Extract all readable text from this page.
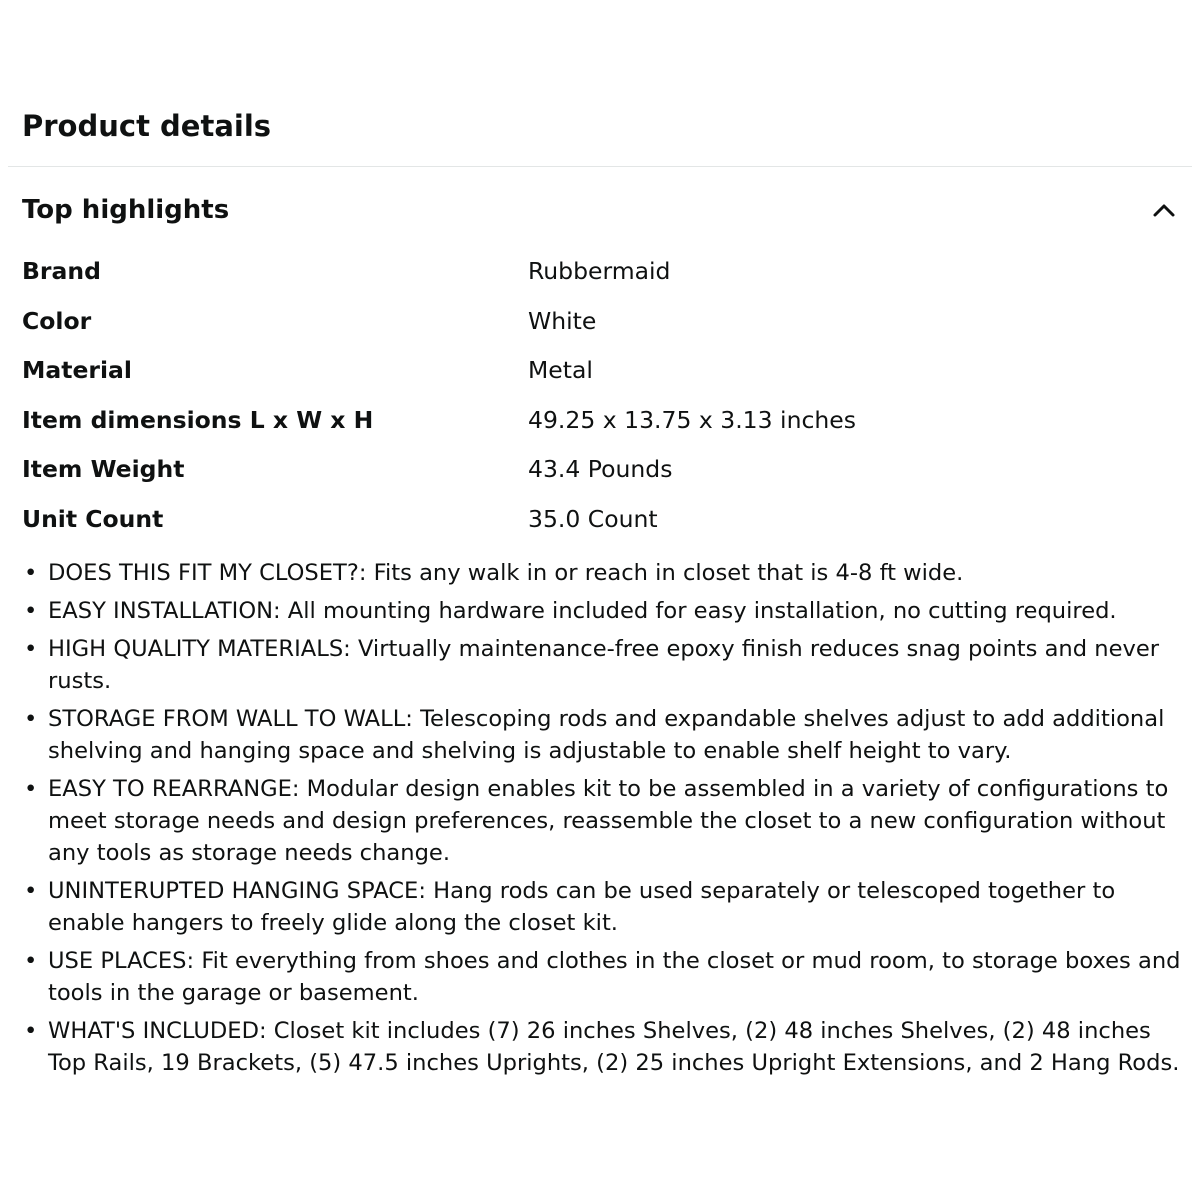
Product details
Top highlights
Brand	Rubbermaid
Color	White
Material	Metal
Item dimensions L x W x H	49.25 x 13.75 x 3.13 inches
Item Weight	43.4 Pounds
Unit Count	35.0 Count
• DOES THIS FIT MY CLOSET?: Fits any walk in or reach in closet that is 4-8 ft wide.
• EASY INSTALLATION: All mounting hardware included for easy installation, no cutting required.
• HIGH QUALITY MATERIALS: Virtually maintenance-free epoxy finish reduces snag points and never rusts.
• STORAGE FROM WALL TO WALL: Telescoping rods and expandable shelves adjust to add additional shelving and hanging space and shelving is adjustable to enable shelf height to vary.
• EASY TO REARRANGE: Modular design enables kit to be assembled in a variety of configurations to meet storage needs and design preferences, reassemble the closet to a new configuration without any tools as storage needs change.
• UNINTERUPTED HANGING SPACE: Hang rods can be used separately or telescoped together to enable hangers to freely glide along the closet kit.
• USE PLACES: Fit everything from shoes and clothes in the closet or mud room, to storage boxes and tools in the garage or basement.
• WHAT'S INCLUDED: Closet kit includes (7) 26 inches Shelves, (2) 48 inches Shelves, (2) 48 inches Top Rails, 19 Brackets, (5) 47.5 inches Uprights, (2) 25 inches Upright Extensions, and 2 Hang Rods.
